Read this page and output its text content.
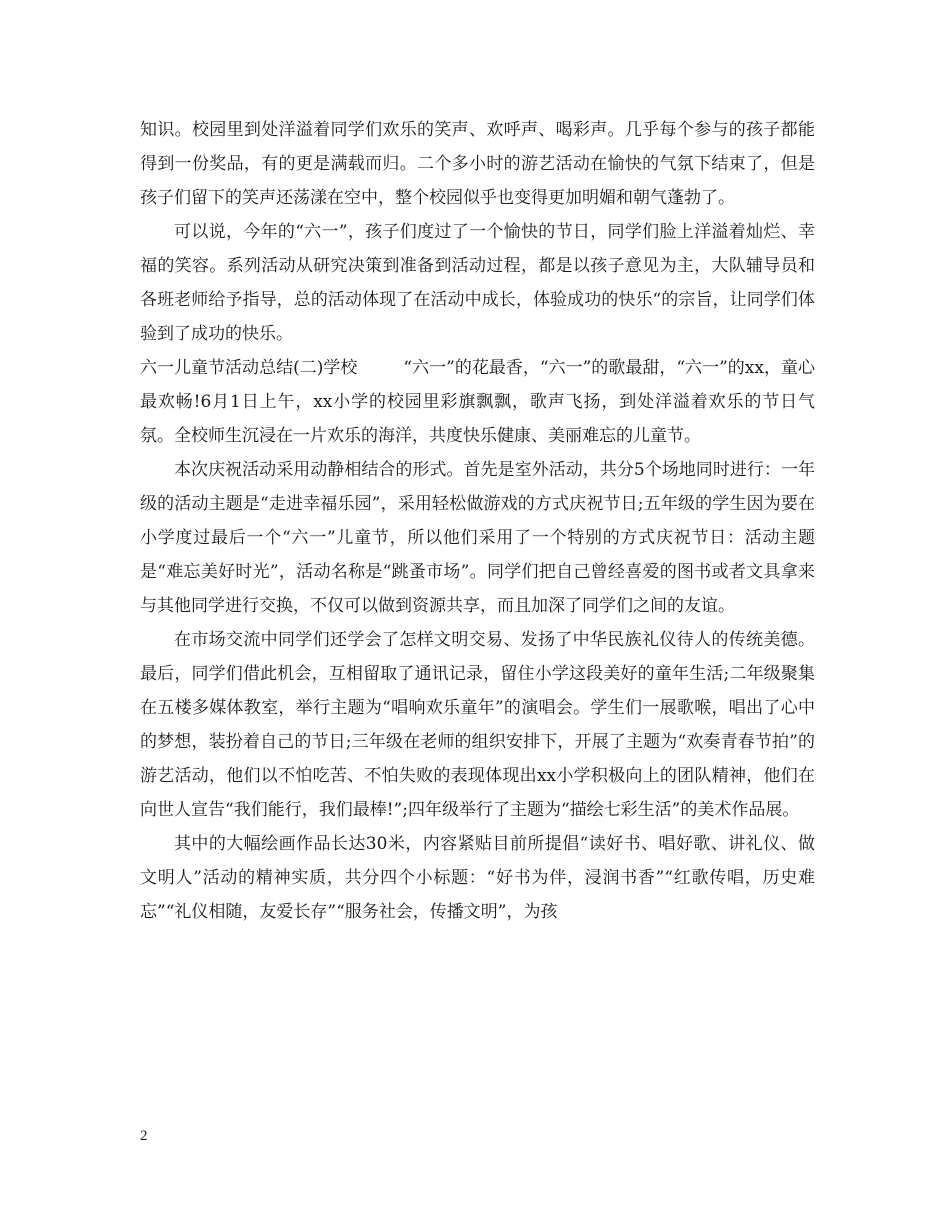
知识。校园里到处洋溢着同学们欢乐的笑声、欢呼声、喝彩声。几乎每个参与的孩子都能得到一份奖品，有的更是满载而归。二个多小时的游艺活动在愉快的气氛下结束了，但是孩子们留下的笑声还荡漾在空中，整个校园似乎也变得更加明媚和朝气蓬勃了。

可以说，今年的“六一”，孩子们度过了一个愉快的节日，同学们脸上洋溢着灿烂、幸福的笑容。系列活动从研究决策到准备到活动过程，都是以孩子意见为主，大队辅导员和各班老师给予指导，总的活动体现了在活动中成长，体验成功的快乐“的宗旨，让同学们体验到了成功的快乐。

六一儿童节活动总结(二)学校	“六一”的花最香，“六一”的歌最甜，“六一”的xx，童心最欢畅!6月1日上午，xx小学的校园里彩旗飘飘，歌声飞扬，到处洋溢着欢乐的节日气氛。全校师生沉浸在一片欢乐的海洋，共度快乐健康、美丽难忘的儿童节。

本次庆祝活动采用动静相结合的形式。首先是室外活动，共分5个场地同时进行：一年级的活动主题是“走进幸福乐园”，采用轻松做游戏的方式庆祝节日;五年级的学生因为要在小学度过最后一个“六一”儿童节，所以他们采用了一个特别的方式庆祝节日：活动主题是“难忘美好时光”，活动名称是“跳蚤市场”。同学们把自己曾经喜爱的图书或者文具拿来与其他同学进行交换，不仅可以做到资源共享，而且加深了同学们之间的友谊。

在市场交流中同学们还学会了怎样文明交易、发扬了中华民族礼仪待人的传统美德。最后，同学们借此机会，互相留取了通讯记录，留住小学这段美好的童年生活;二年级聚集在五楼多媒体教室，举行主题为“唱响欢乐童年”的演唱会。学生们一展歌喉，唱出了心中的梦想，装扮着自己的节日;三年级在老师的组织安排下，开展了主题为“欢奏青春节拍”的游艺活动，他们以不怕吃苦、不怕失败的表现体现出xx小学积极向上的团队精神，他们在向世人宣告“我们能行，我们最棒!”;四年级举行了主题为“描绘七彩生活”的美术作品展。

其中的大幅绘画作品长达30米，内容紧贴目前所提倡“读好书、唱好歌、讲礼仪、做文明人”活动的精神实质，共分四个小标题：“好书为伴，浸润书香”“红歌传唱，历史难忘”“礼仪相随，友爱长存”“服务社会，传播文明”，为孩

2
